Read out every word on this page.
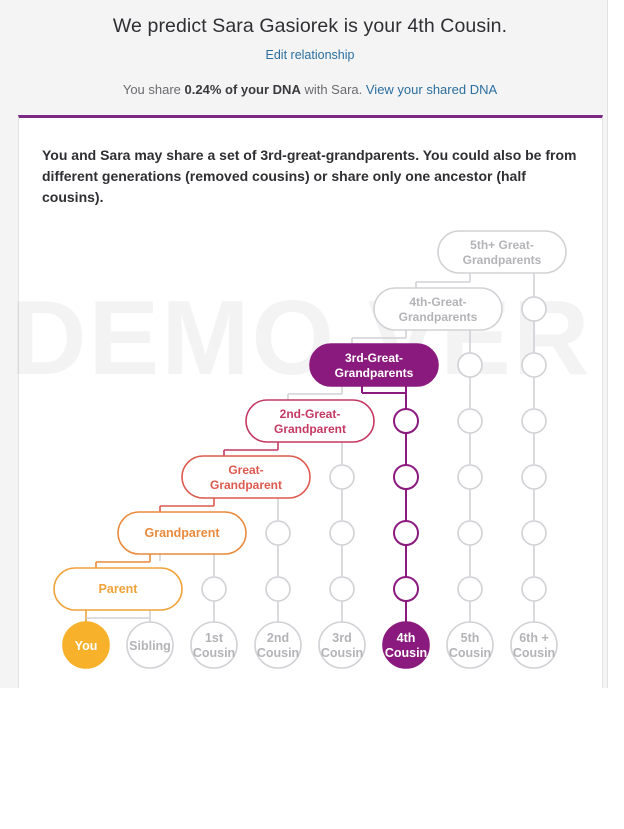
We predict Sara Gasiorek is your 4th Cousin.
Edit relationship
You share 0.24% of your DNA with Sara. View your shared DNA
You and Sara may share a set of 3rd-great-grandparents. You could also be from different generations (removed cousins) or share only one ancestor (half cousins).
Parent
Grandparent
Great-
Grandparent
2nd-Great-
Grandparent
3rd-Great-
Grandparents
4th-Great-
Grandparents
5th+ Great-
Grandparents
You	Sibling
1st
Cousin
2nd
Cousin
3rd
Cousin
4th
Cousin
5th
Cousin
6th +
Cousin
